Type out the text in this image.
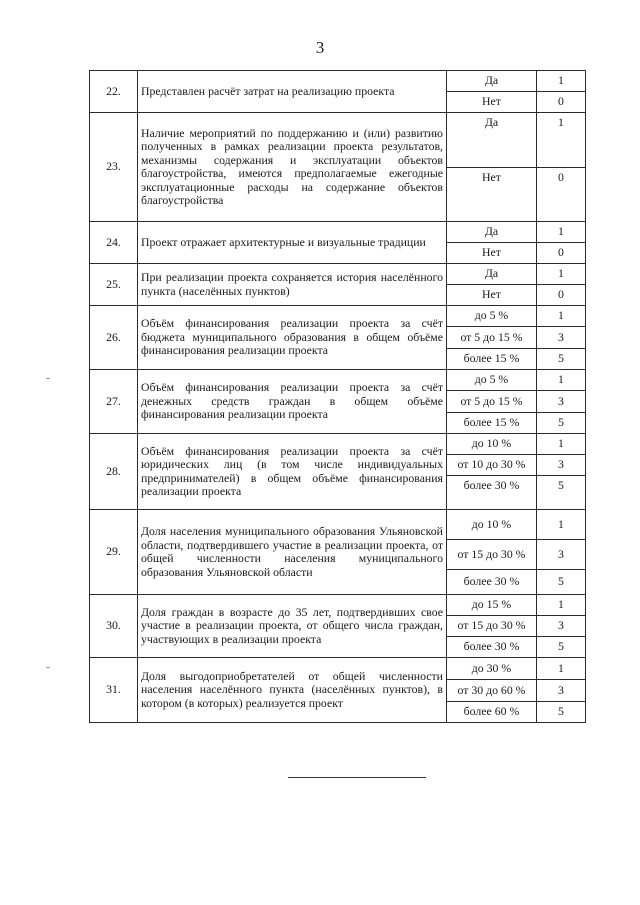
3
22.	Представлен расчёт затрат на реализацию проекта	Да	1
		Нет	0
23.	Наличие мероприятий по поддержанию и (или) развитию полученных в рамках реализации проекта результатов, механизмы содержания и эксплуатации объектов благоустройства, имеются предполагаемые ежегодные эксплуатационные расходы на содержание объектов благоустройства	Да	1
		Нет	0
24.	Проект отражает архитектурные и визуальные традиции	Да	1
		Нет	0
25.	При реализации проекта сохраняется история населённого пункта (населённых пунктов)	Да	1
		Нет	0
26.	Объём финансирования реализации проекта за счёт бюджета муниципального образования в общем объёме финансирования реализации проекта	до 5 %	1
		от 5 до 15 %	3
		более 15 %	5
27.	Объём финансирования реализации проекта за счёт денежных средств граждан в общем объёме финансирования реализации проекта	до 5 %	1
		от 5 до 15 %	3
		более 15 %	5
28.	Объём финансирования реализации проекта за счёт юридических лиц (в том числе индивидуальных предпринимателей) в общем объёме финансирования реализации проекта	до 10 %	1
		от 10 до 30 %	3
		более 30 %	5
29.	Доля населения муниципального образования Ульяновской области, подтвердившего участие в реализации проекта, от общей численности населения муниципального образования Ульяновской области	до 10 %	1
		от 15 до 30 %	3
		более 30 %	5
30.	Доля граждан в возрасте до 35 лет, подтвердивших свое участие в реализации проекта, от общего числа граждан, участвующих в реализации проекта	до 15 %	1
		от 15 до 30 %	3
		более 30 %	5
31.	Доля выгодоприобретателей от общей численности населения населённого пункта (населённых пунктов), в котором (в которых) реализуется проект	до 30 %	1
		от 30 до 60 %	3
		более 60 %	5
